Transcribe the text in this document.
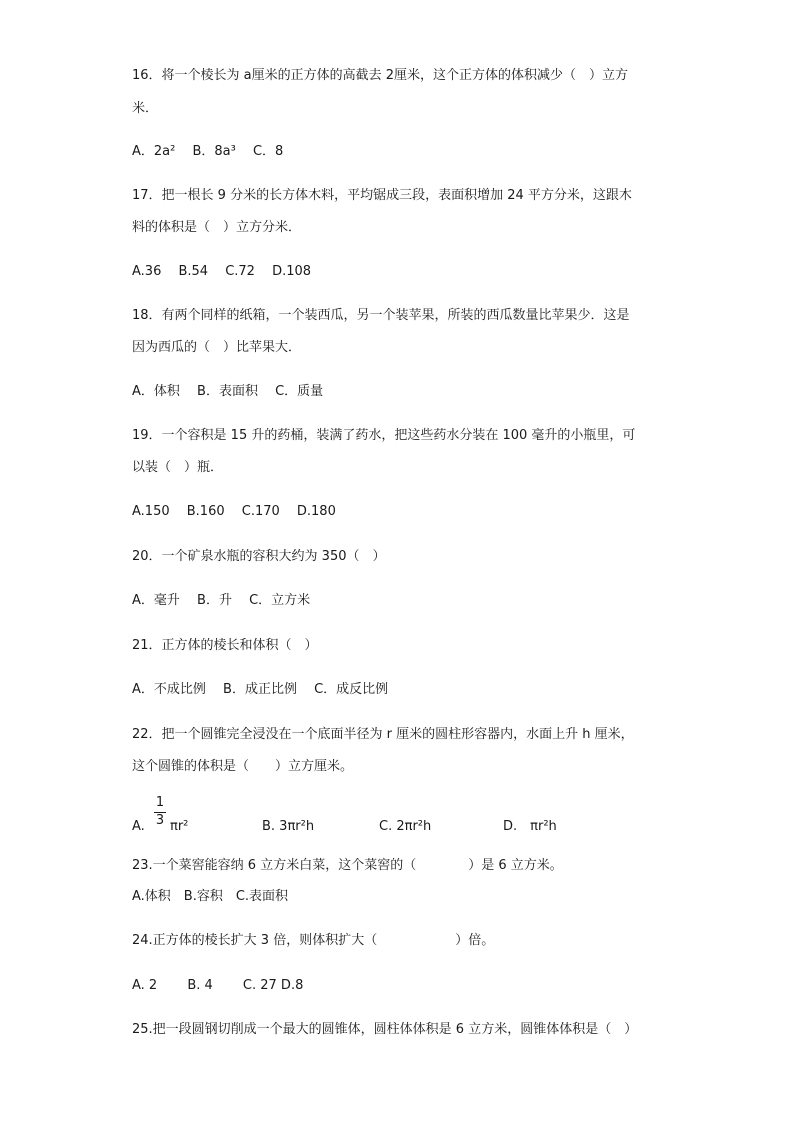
16．将一个棱长为 a厘米的正方体的高截去 2厘米，这个正方体的体积减少（　）立方
米．
A．2a²　 B．8a³　 C．8
17．把一根长 9 分米的长方体木料，平均锯成三段，表面积增加 24 平方分米，这跟木
料的体积是（　）立方分米．
A.36　 B.54　 C.72　 D.108
18．有两个同样的纸箱，一个装西瓜，另一个装苹果，所装的西瓜数量比苹果少．这是
因为西瓜的（　）比苹果大．
A．体积　 B．表面积　 C．质量
19．一个容积是 15 升的药桶，装满了药水，把这些药水分装在 100 毫升的小瓶里，可
以装（　）瓶．
A.150　 B.160　 C.170　 D.180
20．一个矿泉水瓶的容积大约为 350（　）
A．毫升　 B．升　 C．立方米
21．正方体的棱长和体积（　）
A．不成比例　 B．成正比例　 C．成反比例
22．把一个圆锥完全浸没在一个底面半径为 r 厘米的圆柱形容器内，水面上升 h 厘米，
这个圆锥的体积是（　　）立方厘米。
A.
1
3 πr²	B. 3πr²h	C. 2πr²h	D.　πr²h
23.一个菜窖能容纳 6 立方米白菜，这个菜窖的（　　　　）是 6 立方米。
A.体积　B.容积　C.表面积
24.正方体的棱长扩大 3 倍，则体积扩大（　　　　　　）倍。
A. 2　　 B. 4　　 C. 27 D.8
25.把一段圆钢切削成一个最大的圆锥体，圆柱体体积是 6 立方米，圆锥体体积是（　）
